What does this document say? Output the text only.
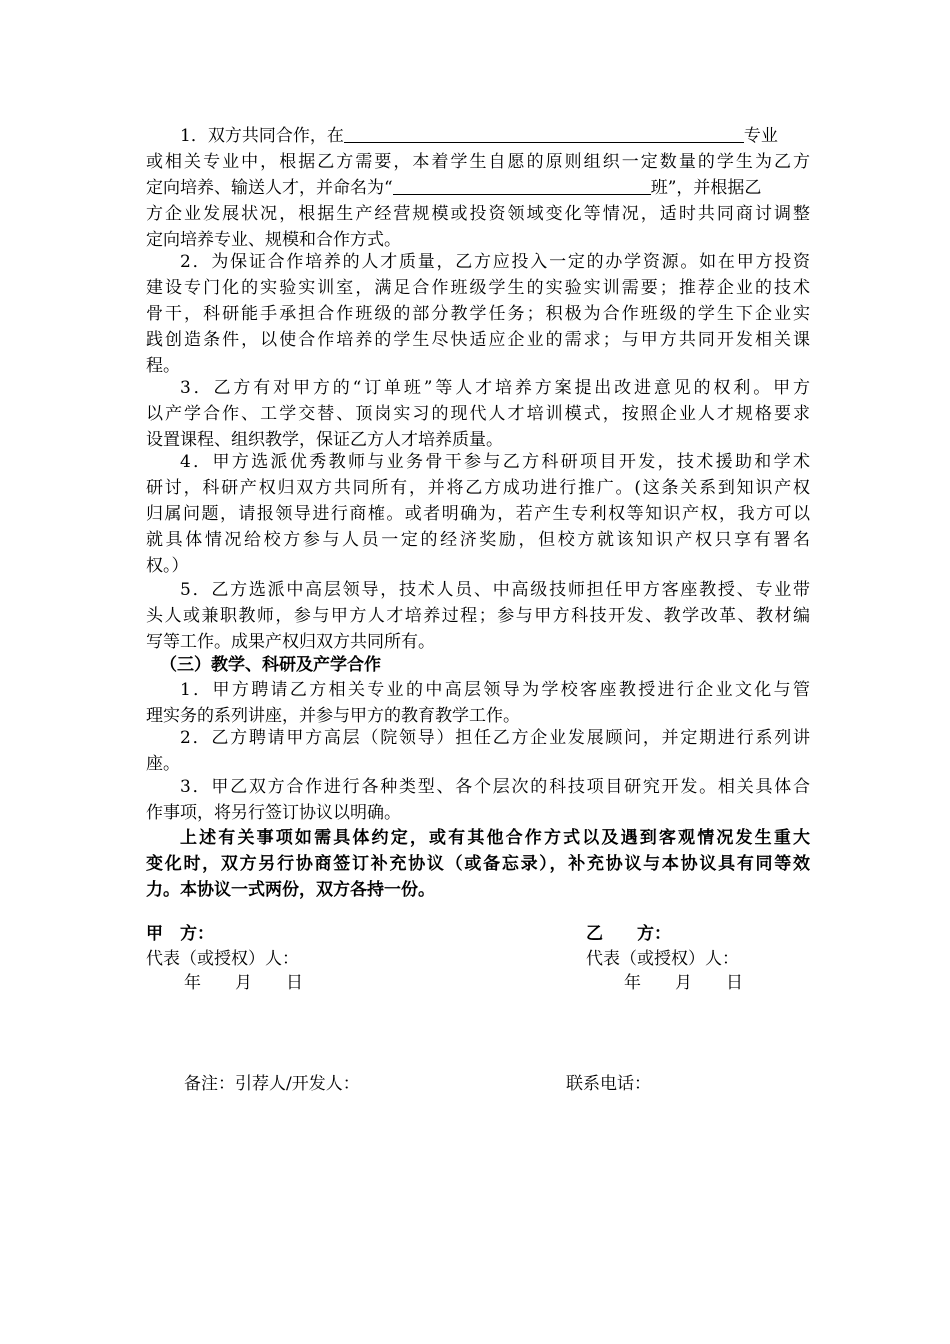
1．双方共同合作，在	专业
或相关专业中，根据乙方需要，本着学生自愿的原则组织一定数量的学生为乙方
定向培养、输送人才，并命名为“	班”，并根据乙
方企业发展状况，根据生产经营规模或投资领域变化等情况，适时共同商讨调整
定向培养专业、规模和合作方式。
2．为保证合作培养的人才质量，乙方应投入一定的办学资源。如在甲方投资
建设专门化的实验实训室，满足合作班级学生的实验实训需要；推荐企业的技术
骨干，科研能手承担合作班级的部分教学任务；积极为合作班级的学生下企业实
践创造条件，以使合作培养的学生尽快适应企业的需求；与甲方共同开发相关课
程。
3．乙方有对甲方的“订单班”等人才培养方案提出改进意见的权利。甲方
以产学合作、工学交替、顶岗实习的现代人才培训模式，按照企业人才规格要求
设置课程、组织教学，保证乙方人才培养质量。
4．甲方选派优秀教师与业务骨干参与乙方科研项目开发，技术援助和学术
研讨，科研产权归双方共同所有，并将乙方成功进行推广。(这条关系到知识产权
归属问题，请报领导进行商榷。或者明确为，若产生专利权等知识产权，我方可以
就具体情况给校方参与人员一定的经济奖励，但校方就该知识产权只享有署名
权。）
5．乙方选派中高层领导，技术人员、中高级技师担任甲方客座教授、专业带
头人或兼职教师，参与甲方人才培养过程；参与甲方科技开发、教学改革、教材编
写等工作。成果产权归双方共同所有。
（三）教学、科研及产学合作
1．甲方聘请乙方相关专业的中高层领导为学校客座教授进行企业文化与管
理实务的系列讲座，并参与甲方的教育教学工作。
2．乙方聘请甲方高层（院领导）担任乙方企业发展顾问，并定期进行系列讲
座。
3．甲乙双方合作进行各种类型、各个层次的科技项目研究开发。相关具体合
作事项，将另行签订协议以明确。
上述有关事项如需具体约定，或有其他合作方式以及遇到客观情况发生重大
变化时，双方另行协商签订补充协议（或备忘录），补充协议与本协议具有同等效
力。本协议一式两份，双方各持一份。
甲　方：
代表（或授权）人：
年　　月　　日
乙　　方：
代表（或授权）人：
年　　月　　日
备注：引荐人/开发人：	联系电话：
